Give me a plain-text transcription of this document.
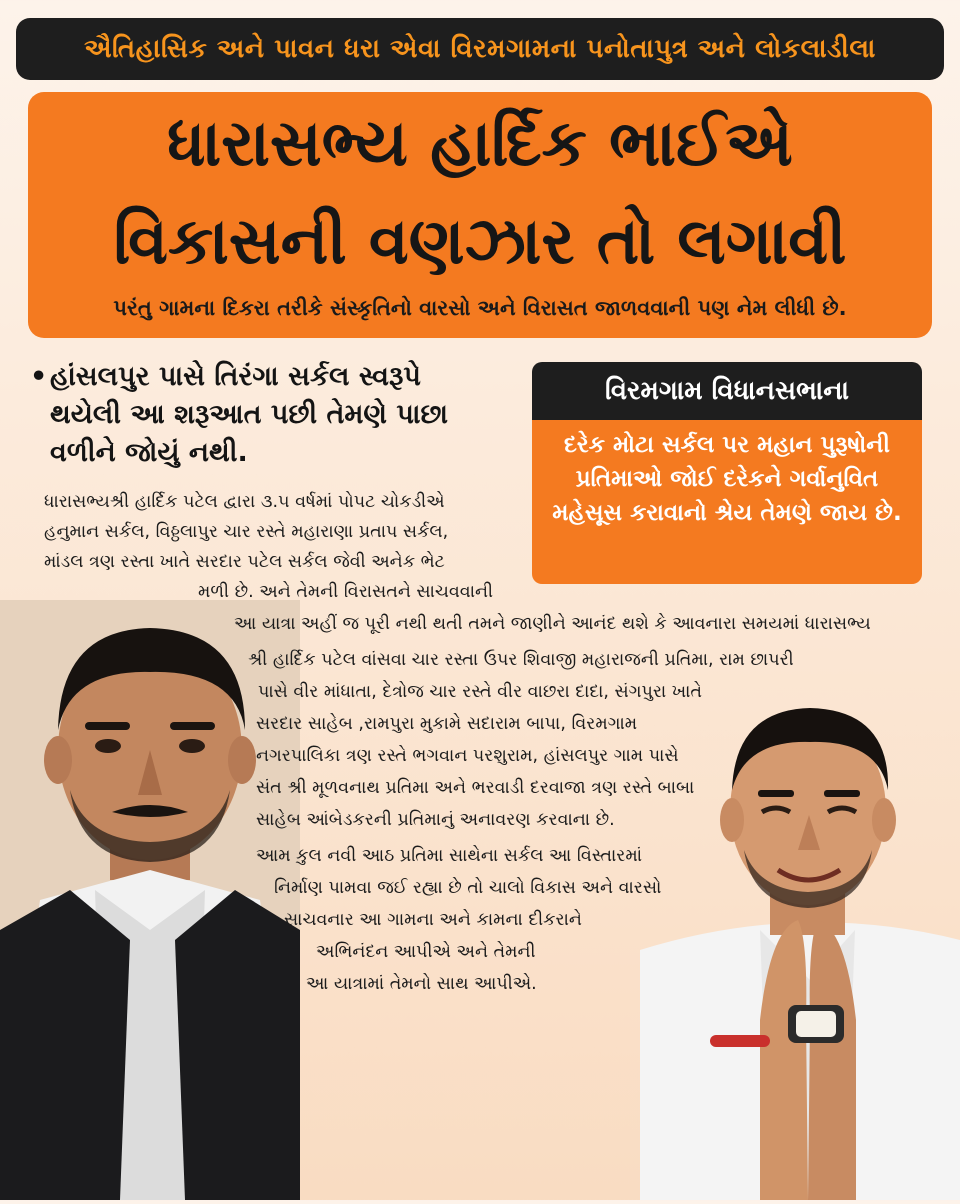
ઐતિહાસિક અને પાવન ધરા એવા વિરમગામના પનોતાપુત્ર અને લોકલાડીલા
ધારાસભ્ય હાર્દિક ભાઈએ
વિકાસની વણઝાર તો લગાવી
પરંતુ ગામના દિકરા તરીકે સંસ્કૃતિનો વારસો અને વિરાસત જાળવવાની પણ નેમ લીધી છે.
• હાંસલપુર પાસે તિરંગા સર્કલ સ્વરૂપે થયેલી આ શરૂઆત પછી તેમણે પાછા વળીને જોયું નથી.
વિરમગામ વિધાનસભાના
દરેક મોટા સર્કલ પર મહાન પુરૂષોની પ્રતિમાઓ જોઈ દરેકને ગર્વાનુવિત મહેસૂસ કરાવાનો શ્રેય તેમણે જાય છે.
ધારાસભ્યશ્રી હાર્દિક પટેલ દ્વારા ૩.૫ વર્ષમાં પોપટ ચોકડીએ
હનુમાન સર્કલ, વિઠ્ઠલાપુર ચાર રસ્તે મહારાણા પ્રતાપ સર્કલ,
માંડલ ત્રણ રસ્તા ખાતે સરદાર પટેલ સર્કલ જેવી અનેક ભેટ
મળી છે. અને તેમની વિરાસતને સાચવવાની
આ યાત્રા અહીં જ પૂરી નથી થતી તમને જાણીને આનંદ થશે કે આવનારા સમયમાં ધારાસભ્ય
શ્રી હાર્દિક પટેલ વાંસવા ચાર રસ્તા ઉપર શિવાજી મહારાજની પ્રતિમા, રામ છાપરી
પાસે વીર માંધાતા, દેત્રોજ ચાર રસ્તે વીર વાછરા દાદા, સંગપુરા ખાતે
સરદાર સાહેબ ,રામપુરા મુકામે સદારામ બાપા, વિરમગામ
નગરપાલિકા ત્રણ રસ્તે ભગવાન પરશુરામ, હાંસલપુર ગામ પાસે
સંત શ્રી મૂળવનાથ પ્રતિમા અને ભરવાડી દરવાજા ત્રણ રસ્તે બાબા
સાહેબ આંબેડકરની પ્રતિમાનું અનાવરણ કરવાના છે.
આમ કુલ નવી આઠ પ્રતિમા સાથેના સર્કલ આ વિસ્તારમાં
નિર્માણ પામવા જઈ રહ્યા છે તો ચાલો વિકાસ અને વારસો
સાચવનાર આ ગામના અને કામના દીકરાને
અભિનંદન આપીએ અને તેમની
આ યાત્રામાં તેમનો સાથ આપીએ.
